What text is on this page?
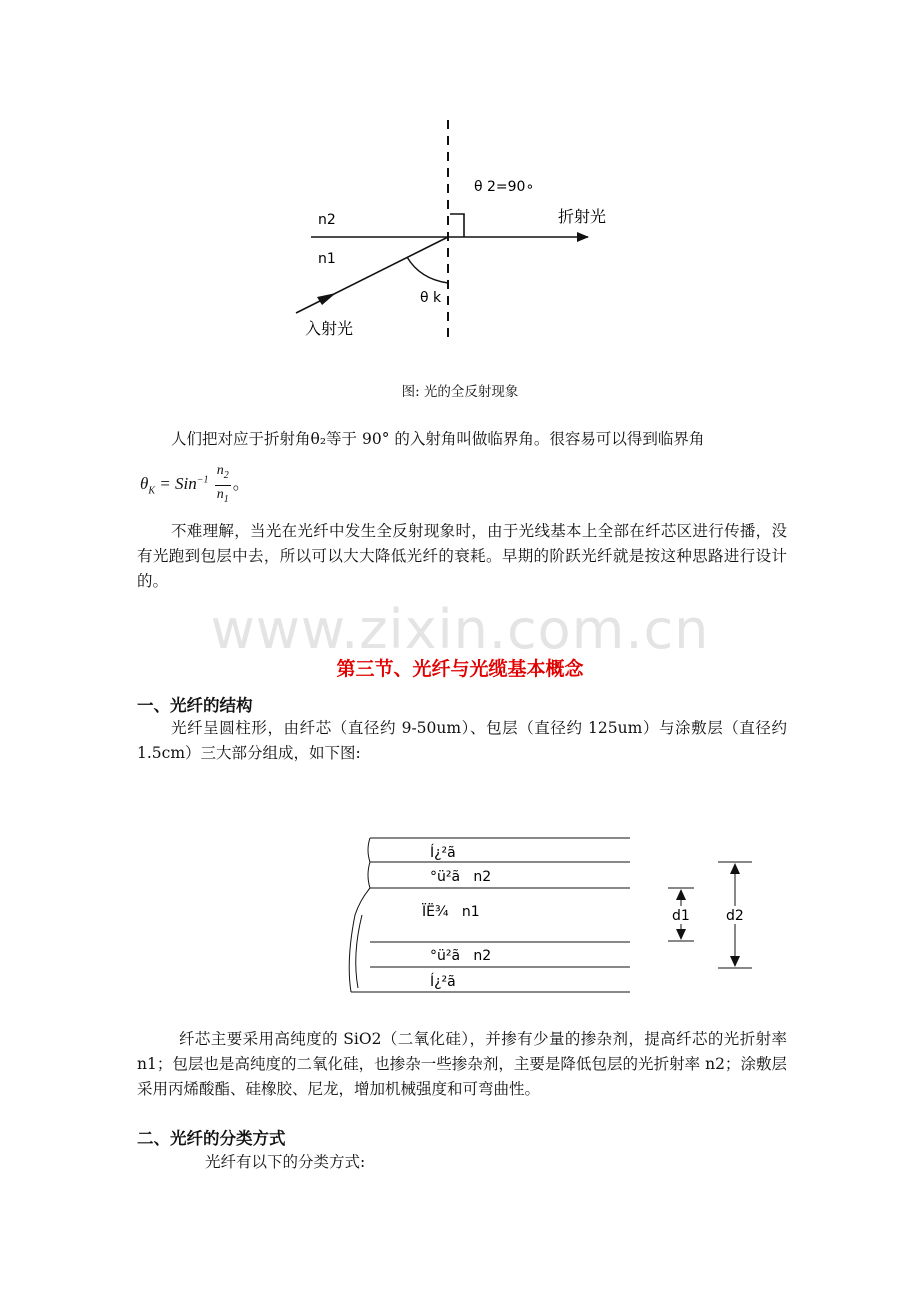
θ 2=90∘
n2	折射光
n1
θ k
入射光
图: 光的全反射现象
人们把对应于折射角θ₂等于 90° 的入射角叫做临界角。很容易可以得到临界角
$\theta_K = Sin^{-1} \frac{n_2}{n_1}$ 。
不难理解，当光在光纤中发生全反射现象时，由于光线基本上全部在纤芯区进行传播，没有光跑到包层中去，所以可以大大降低光纤的衰耗。早期的阶跃光纤就是按这种思路进行设计的。
www.zixin.com.cn
第三节、光纤与光缆基本概念
一、光纤的结构
光纤呈圆柱形，由纤芯（直径约 9-50um）、包层（直径约 125um）与涂敷层（直径约 1.5cm）三大部分组成，如下图:
Í¿²ã
°ü²ã   n2
ÏË¾   n1
°ü²ã   n2
Í¿²ã
d1	d2
纤芯主要采用高纯度的 SiO2（二氧化硅），并掺有少量的掺杂剂，提高纤芯的光折射率 n1；包层也是高纯度的二氧化硅，也掺杂一些掺杂剂，主要是降低包层的光折射率 n2；涂敷层采用丙烯酸酯、硅橡胶、尼龙，增加机械强度和可弯曲性。
二、光纤的分类方式
光纤有以下的分类方式:
